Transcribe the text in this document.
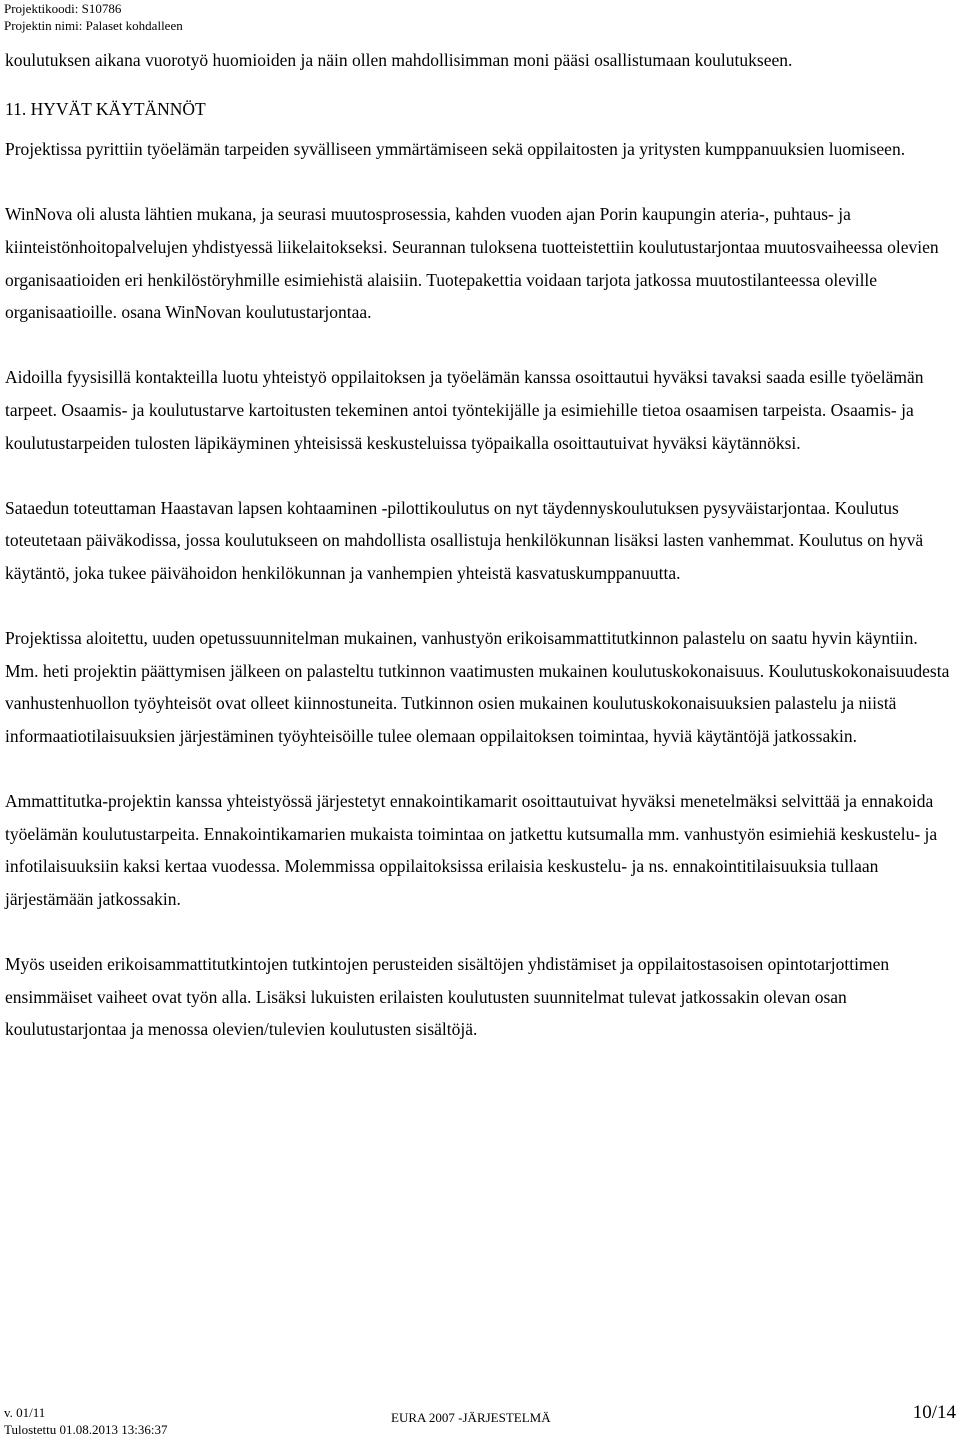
Projektikoodi: S10786
Projektin nimi: Palaset kohdalleen

koulutuksen aikana vuorotyö huomioiden ja näin ollen mahdollisimman moni pääsi osallistumaan koulutukseen.

11. HYVÄT KÄYTÄNNÖT

Projektissa pyrittiin työelämän tarpeiden syvälliseen ymmärtämiseen sekä oppilaitosten ja yritysten kumppanuuksien luomiseen.

WinNova oli alusta lähtien mukana, ja seurasi muutosprosessia, kahden vuoden ajan Porin kaupungin ateria-, puhtaus- ja kiinteistönhoitopalvelujen yhdistyessä liikelaitokseksi. Seurannan tuloksena tuotteistettiin koulutustarjontaa muutosvaiheessa olevien organisaatioiden eri henkilöstöryhmille esimiehistä alaisiin. Tuotepakettia voidaan tarjota jatkossa muutostilanteessa oleville organisaatioille. osana WinNovan koulutustarjontaa.

Aidoilla fyysisillä kontakteilla luotu yhteistyö oppilaitoksen ja työelämän kanssa osoittautui hyväksi tavaksi saada esille työelämän tarpeet. Osaamis- ja koulutustarve kartoitusten tekeminen antoi työntekijälle ja esimiehille tietoa osaamisen tarpeista. Osaamis- ja koulutustarpeiden tulosten läpikäyminen yhteisissä keskusteluissa työpaikalla osoittautuivat hyväksi käytännöksi.

Sataedun toteuttaman Haastavan lapsen kohtaaminen -pilottikoulutus on nyt täydennyskoulutuksen pysyväistarjontaa. Koulutus toteutetaan päiväkodissa, jossa koulutukseen on mahdollista osallistuja henkilökunnan lisäksi lasten vanhemmat. Koulutus on hyvä käytäntö, joka tukee päivähoidon henkilökunnan ja vanhempien yhteistä kasvatuskumppanuutta.

Projektissa aloitettu, uuden opetussuunnitelman mukainen, vanhustyön erikoisammattitutkinnon palastelu on saatu hyvin käyntiin. Mm. heti projektin päättymisen jälkeen on palasteltu tutkinnon vaatimusten mukainen koulutuskokonaisuus. Koulutuskokonaisuudesta vanhustenhuollon työyhteisöt ovat olleet kiinnostuneita. Tutkinnon osien mukainen koulutuskokonaisuuksien palastelu ja niistä informaatiotilaisuuksien järjestäminen työyhteisöille tulee olemaan oppilaitoksen toimintaa, hyviä käytäntöjä jatkossakin.

Ammattitutka-projektin kanssa yhteistyössä järjestetyt ennakointikamarit osoittautuivat hyväksi menetelmäksi selvittää ja ennakoida työelämän koulutustarpeita. Ennakointikamarien mukaista toimintaa on jatkettu kutsumalla mm. vanhustyön esimiehiä keskustelu- ja infotilaisuuksiin kaksi kertaa vuodessa. Molemmissa oppilaitoksissa erilaisia keskustelu- ja ns. ennakointitilaisuuksia tullaan järjestämään jatkossakin.

Myös useiden erikoisammattitutkintojen tutkintojen perusteiden sisältöjen yhdistämiset ja oppilaitostasoisen opintotarjottimen ensimmäiset vaiheet ovat työn alla. Lisäksi lukuisten erilaisten koulutusten suunnitelmat tulevat jatkossakin olevan osan koulutustarjontaa ja menossa olevien/tulevien koulutusten sisältöjä.

v. 01/11
Tulostettu 01.08.2013 13:36:37
EURA 2007 -JÄRJESTELMÄ	10/14
